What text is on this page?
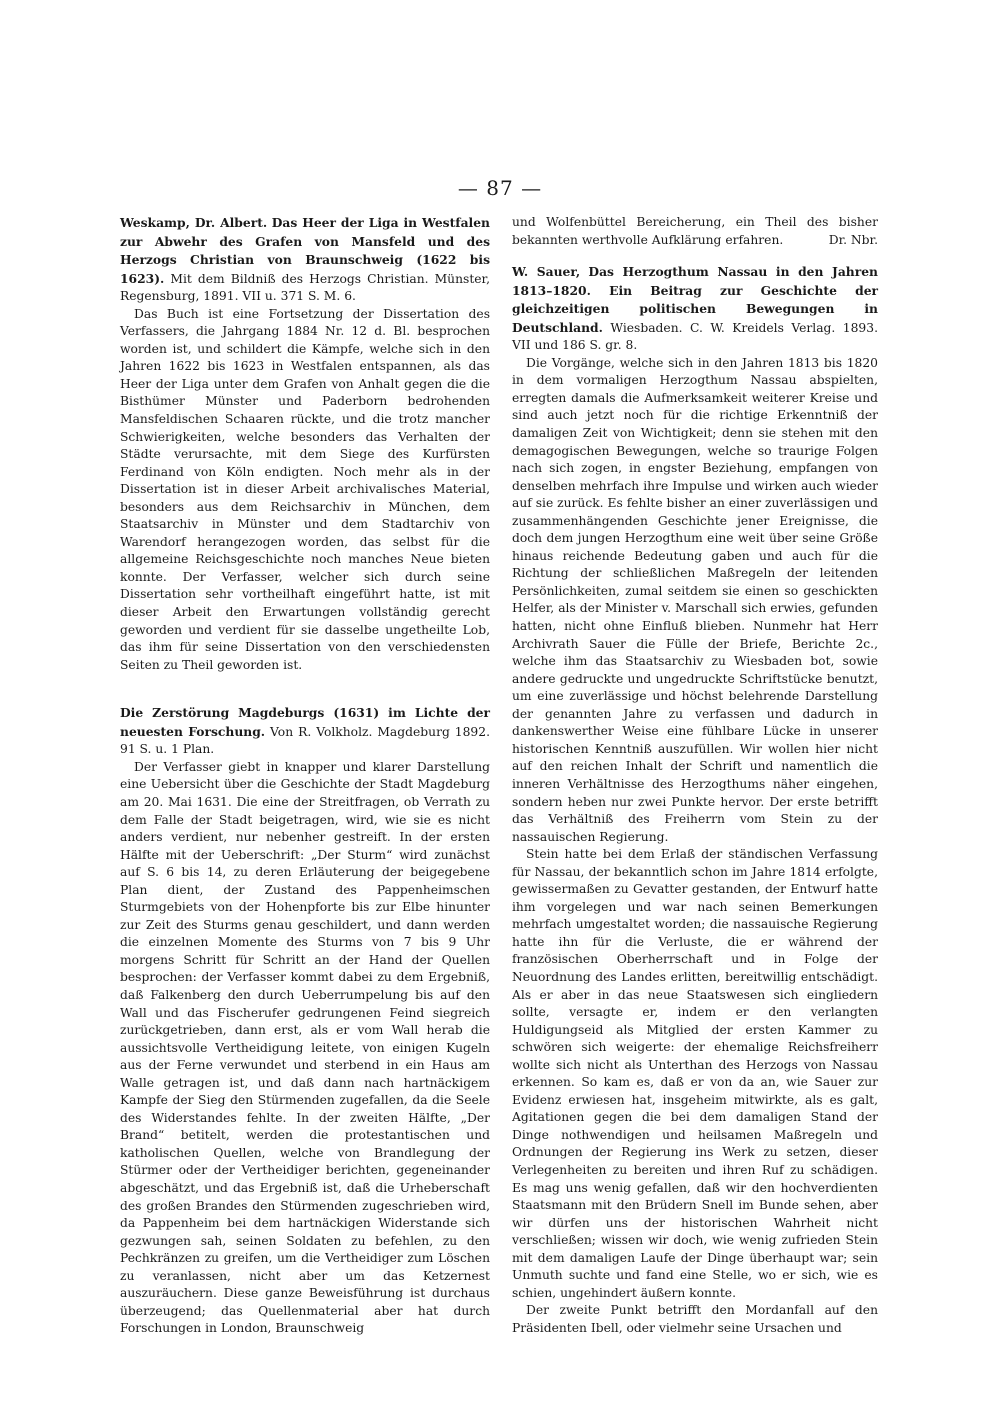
— 87 —

Weskamp, Dr. Albert. Das Heer der Liga in Westfalen zur Abwehr des Grafen von Mansfeld und des Herzogs Christian von Braunschweig (1622 bis 1623). Mit dem Bildniß des Herzogs Christian. Münster, Regensburg, 1891. VII u. 371 S. M. 6.

Das Buch ist eine Fortsetzung der Dissertation des Verfassers, die Jahrgang 1884 Nr. 12 d. Bl. besprochen worden ist, und schildert die Kämpfe, welche sich in den Jahren 1622 bis 1623 in Westfalen entspannen, als das Heer der Liga unter dem Grafen von Anhalt gegen die die Bisthümer Münster und Paderborn bedrohenden Mansfeldischen Schaaren rückte, und die trotz mancher Schwierigkeiten, welche besonders das Verhalten der Städte verursachte, mit dem Siege des Kurfürsten Ferdinand von Köln endigten. Noch mehr als in der Dissertation ist in dieser Arbeit archivalisches Material, besonders aus dem Reichsarchiv in München, dem Staatsarchiv in Münster und dem Stadtarchiv von Warendorf herangezogen worden, das selbst für die allgemeine Reichsgeschichte noch manches Neue bieten konnte. Der Verfasser, welcher sich durch seine Dissertation sehr vortheilhaft eingeführt hatte, ist mit dieser Arbeit den Erwartungen vollständig gerecht geworden und verdient für sie dasselbe ungetheilte Lob, das ihm für seine Dissertation von den verschiedensten Seiten zu Theil geworden ist.

Die Zerstörung Magdeburgs (1631) im Lichte der neuesten Forschung. Von R. Volkholz. Magdeburg 1892. 91 S. u. 1 Plan.

Der Verfasser giebt in knapper und klarer Darstellung eine Uebersicht über die Geschichte der Stadt Magdeburg am 20. Mai 1631. Die eine der Streitfragen, ob Verrath zu dem Falle der Stadt beigetragen, wird, wie sie es nicht anders verdient, nur nebenher gestreift. In der ersten Hälfte mit der Ueberschrift: „Der Sturm“ wird zunächst auf S. 6 bis 14, zu deren Erläuterung der beigegebene Plan dient, der Zustand des Pappenheimschen Sturmgebiets von der Hohenpforte bis zur Elbe hinunter zur Zeit des Sturms genau geschildert, und dann werden die einzelnen Momente des Sturms von 7 bis 9 Uhr morgens Schritt für Schritt an der Hand der Quellen besprochen: der Verfasser kommt dabei zu dem Ergebniß, daß Falkenberg den durch Ueberrumpelung bis auf den Wall und das Fischerufer gedrungenen Feind siegreich zurückgetrieben, dann erst, als er vom Wall herab die aussichtsvolle Vertheidigung leitete, von einigen Kugeln aus der Ferne verwundet und sterbend in ein Haus am Walle getragen ist, und daß dann nach hartnäckigem Kampfe der Sieg den Stürmenden zugefallen, da die Seele des Widerstandes fehlte. In der zweiten Hälfte, „Der Brand“ betitelt, werden die protestantischen und katholischen Quellen, welche von Brandlegung der Stürmer oder der Vertheidiger berichten, gegeneinander abgeschätzt, und das Ergebniß ist, daß die Urheberschaft des großen Brandes den Stürmenden zugeschrieben wird, da Pappenheim bei dem hartnäckigen Widerstande sich gezwungen sah, seinen Soldaten zu befehlen, zu den Pechkränzen zu greifen, um die Vertheidiger zum Löschen zu veranlassen, nicht aber um das Ketzernest auszuräuchern. Diese ganze Beweisführung ist durchaus überzeugend; das Quellenmaterial aber hat durch Forschungen in London, Braunschweig

und Wolfenbüttel Bereicherung, ein Theil des bisher bekannten werthvolle Aufklärung erfahren.	Dr. Nbr.

W. Sauer, Das Herzogthum Nassau in den Jahren 1813–1820. Ein Beitrag zur Geschichte der gleichzeitigen politischen Bewegungen in Deutschland. Wiesbaden. C. W. Kreidels Verlag. 1893. VII und 186 S. gr. 8.

Die Vorgänge, welche sich in den Jahren 1813 bis 1820 in dem vormaligen Herzogthum Nassau abspielten, erregten damals die Aufmerksamkeit weiterer Kreise und sind auch jetzt noch für die richtige Erkenntniß der damaligen Zeit von Wichtigkeit; denn sie stehen mit den demagogischen Bewegungen, welche so traurige Folgen nach sich zogen, in engster Beziehung, empfangen von denselben mehrfach ihre Impulse und wirken auch wieder auf sie zurück. Es fehlte bisher an einer zuverlässigen und zusammenhängenden Geschichte jener Ereignisse, die doch dem jungen Herzogthum eine weit über seine Größe hinaus reichende Bedeutung gaben und auch für die Richtung der schließlichen Maßregeln der leitenden Persönlichkeiten, zumal seitdem sie einen so geschickten Helfer, als der Minister v. Marschall sich erwies, gefunden hatten, nicht ohne Einfluß blieben. Nunmehr hat Herr Archivrath Sauer die Fülle der Briefe, Berichte 2c., welche ihm das Staatsarchiv zu Wiesbaden bot, sowie andere gedruckte und ungedruckte Schriftstücke benutzt, um eine zuverlässige und höchst belehrende Darstellung der genannten Jahre zu verfassen und dadurch in dankenswerther Weise eine fühlbare Lücke in unserer historischen Kenntniß auszufüllen. Wir wollen hier nicht auf den reichen Inhalt der Schrift und namentlich die inneren Verhältnisse des Herzogthums näher eingehen, sondern heben nur zwei Punkte hervor. Der erste betrifft das Verhältniß des Freiherrn vom Stein zu der nassauischen Regierung.

Stein hatte bei dem Erlaß der ständischen Verfassung für Nassau, der bekanntlich schon im Jahre 1814 erfolgte, gewissermaßen zu Gevatter gestanden, der Entwurf hatte ihm vorgelegen und war nach seinen Bemerkungen mehrfach umgestaltet worden; die nassauische Regierung hatte ihn für die Verluste, die er während der französischen Oberherrschaft und in Folge der Neuordnung des Landes erlitten, bereitwillig entschädigt. Als er aber in das neue Staatswesen sich eingliedern sollte, versagte er, indem er den verlangten Huldigungseid als Mitglied der ersten Kammer zu schwören sich weigerte: der ehemalige Reichsfreiherr wollte sich nicht als Unterthan des Herzogs von Nassau erkennen. So kam es, daß er von da an, wie Sauer zur Evidenz erwiesen hat, insgeheim mitwirkte, als es galt, Agitationen gegen die bei dem damaligen Stand der Dinge nothwendigen und heilsamen Maßregeln und Ordnungen der Regierung ins Werk zu setzen, dieser Verlegenheiten zu bereiten und ihren Ruf zu schädigen. Es mag uns wenig gefallen, daß wir den hochverdienten Staatsmann mit den Brüdern Snell im Bunde sehen, aber wir dürfen uns der historischen Wahrheit nicht verschließen; wissen wir doch, wie wenig zufrieden Stein mit dem damaligen Laufe der Dinge überhaupt war; sein Unmuth suchte und fand eine Stelle, wo er sich, wie es schien, ungehindert äußern konnte.

Der zweite Punkt betrifft den Mordanfall auf den Präsidenten Ibell, oder vielmehr seine Ursachen und
